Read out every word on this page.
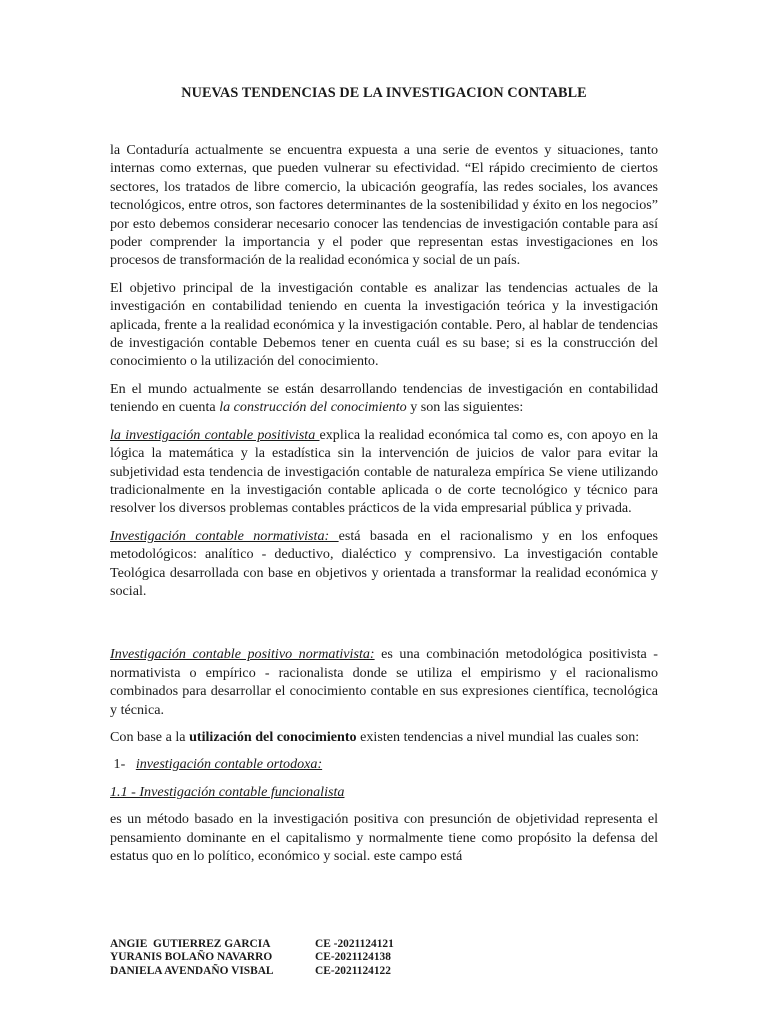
NUEVAS TENDENCIAS DE LA INVESTIGACION CONTABLE

la Contaduría actualmente se encuentra expuesta a una serie de eventos y situaciones, tanto internas como externas, que pueden vulnerar su efectividad. “El rápido crecimiento de ciertos sectores, los tratados de libre comercio, la ubicación geografía, las redes sociales, los avances tecnológicos, entre otros, son factores determinantes de la sostenibilidad y éxito en los negocios” por esto debemos considerar necesario conocer las tendencias de investigación contable para así poder comprender la importancia y el poder que representan estas investigaciones en los procesos de transformación de la realidad económica y social de un país.

El objetivo principal de la investigación contable es analizar las tendencias actuales de la investigación en contabilidad teniendo en cuenta la investigación teórica y la investigación aplicada, frente a la realidad económica y la investigación contable. Pero, al hablar de tendencias de investigación contable Debemos tener en cuenta cuál es su base; si es la construcción del conocimiento o la utilización del conocimiento.

En el mundo actualmente se están desarrollando tendencias de investigación en contabilidad teniendo en cuenta la construcción del conocimiento y son las siguientes:

la investigación contable positivista explica la realidad económica tal como es, con apoyo en la lógica la matemática y la estadística sin la intervención de juicios de valor para evitar la subjetividad esta tendencia de investigación contable de naturaleza empírica Se viene utilizando tradicionalmente en la investigación contable aplicada o de corte tecnológico y técnico para resolver los diversos problemas contables prácticos de la vida empresarial pública y privada.

Investigación contable normativista: está basada en el racionalismo y en los enfoques metodológicos: analítico - deductivo, dialéctico y comprensivo. La investigación contable Teológica desarrollada con base en objetivos y orientada a transformar la realidad económica y social.

Investigación contable positivo normativista: es una combinación metodológica positivista - normativista o empírico - racionalista donde se utiliza el empirismo y el racionalismo combinados para desarrollar el conocimiento contable en sus expresiones científica, tecnológica y técnica.

Con base a la utilización del conocimiento existen tendencias a nivel mundial las cuales son:

1-   investigación contable ortodoxa:
1.1 - Investigación contable funcionalista

es un método basado en la investigación positiva con presunción de objetividad representa el pensamiento dominante en el capitalismo y normalmente tiene como propósito la defensa del estatus quo en lo político, económico y social. este campo está

ANGIE  GUTIERREZ GARCIA	CE -2021124121
YURANIS BOLAÑO NAVARRO	CE-2021124138
DANIELA AVENDAÑO VISBAL	CE-2021124122
